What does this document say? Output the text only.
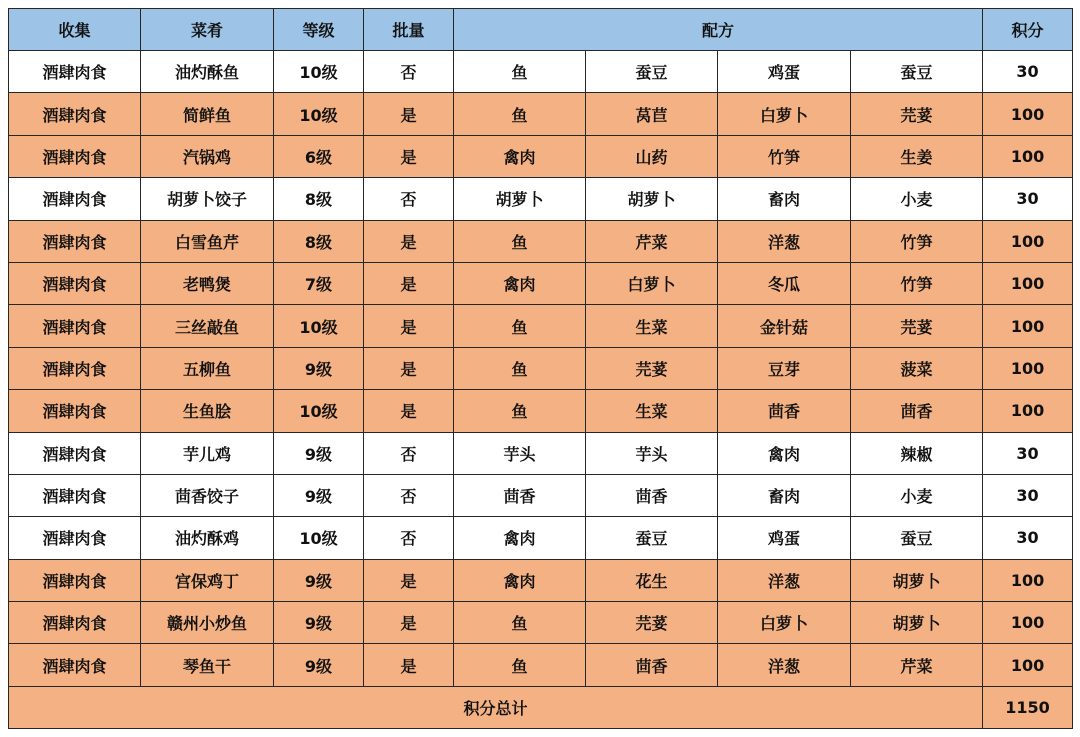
收集	菜肴	等级	批量	配方				积分
酒肆肉食	油灼酥鱼	10级	否	鱼	蚕豆	鸡蛋	蚕豆	30
酒肆肉食	简鲜鱼	10级	是	鱼	莴苣	白萝卜	芫荽	100
酒肆肉食	汽锅鸡	6级	是	禽肉	山药	竹笋	生姜	100
酒肆肉食	胡萝卜饺子	8级	否	胡萝卜	胡萝卜	畜肉	小麦	30
酒肆肉食	白雪鱼芹	8级	是	鱼	芹菜	洋葱	竹笋	100
酒肆肉食	老鸭煲	7级	是	禽肉	白萝卜	冬瓜	竹笋	100
酒肆肉食	三丝敲鱼	10级	是	鱼	生菜	金针菇	芫荽	100
酒肆肉食	五柳鱼	9级	是	鱼	芫荽	豆芽	菠菜	100
酒肆肉食	生鱼脍	10级	是	鱼	生菜	茴香	茴香	100
酒肆肉食	芋儿鸡	9级	否	芋头	芋头	禽肉	辣椒	30
酒肆肉食	茴香饺子	9级	否	茴香	茴香	畜肉	小麦	30
酒肆肉食	油灼酥鸡	10级	否	禽肉	蚕豆	鸡蛋	蚕豆	30
酒肆肉食	宫保鸡丁	9级	是	禽肉	花生	洋葱	胡萝卜	100
酒肆肉食	赣州小炒鱼	9级	是	鱼	芫荽	白萝卜	胡萝卜	100
酒肆肉食	琴鱼干	9级	是	鱼	茴香	洋葱	芹菜	100
积分总计								1150
